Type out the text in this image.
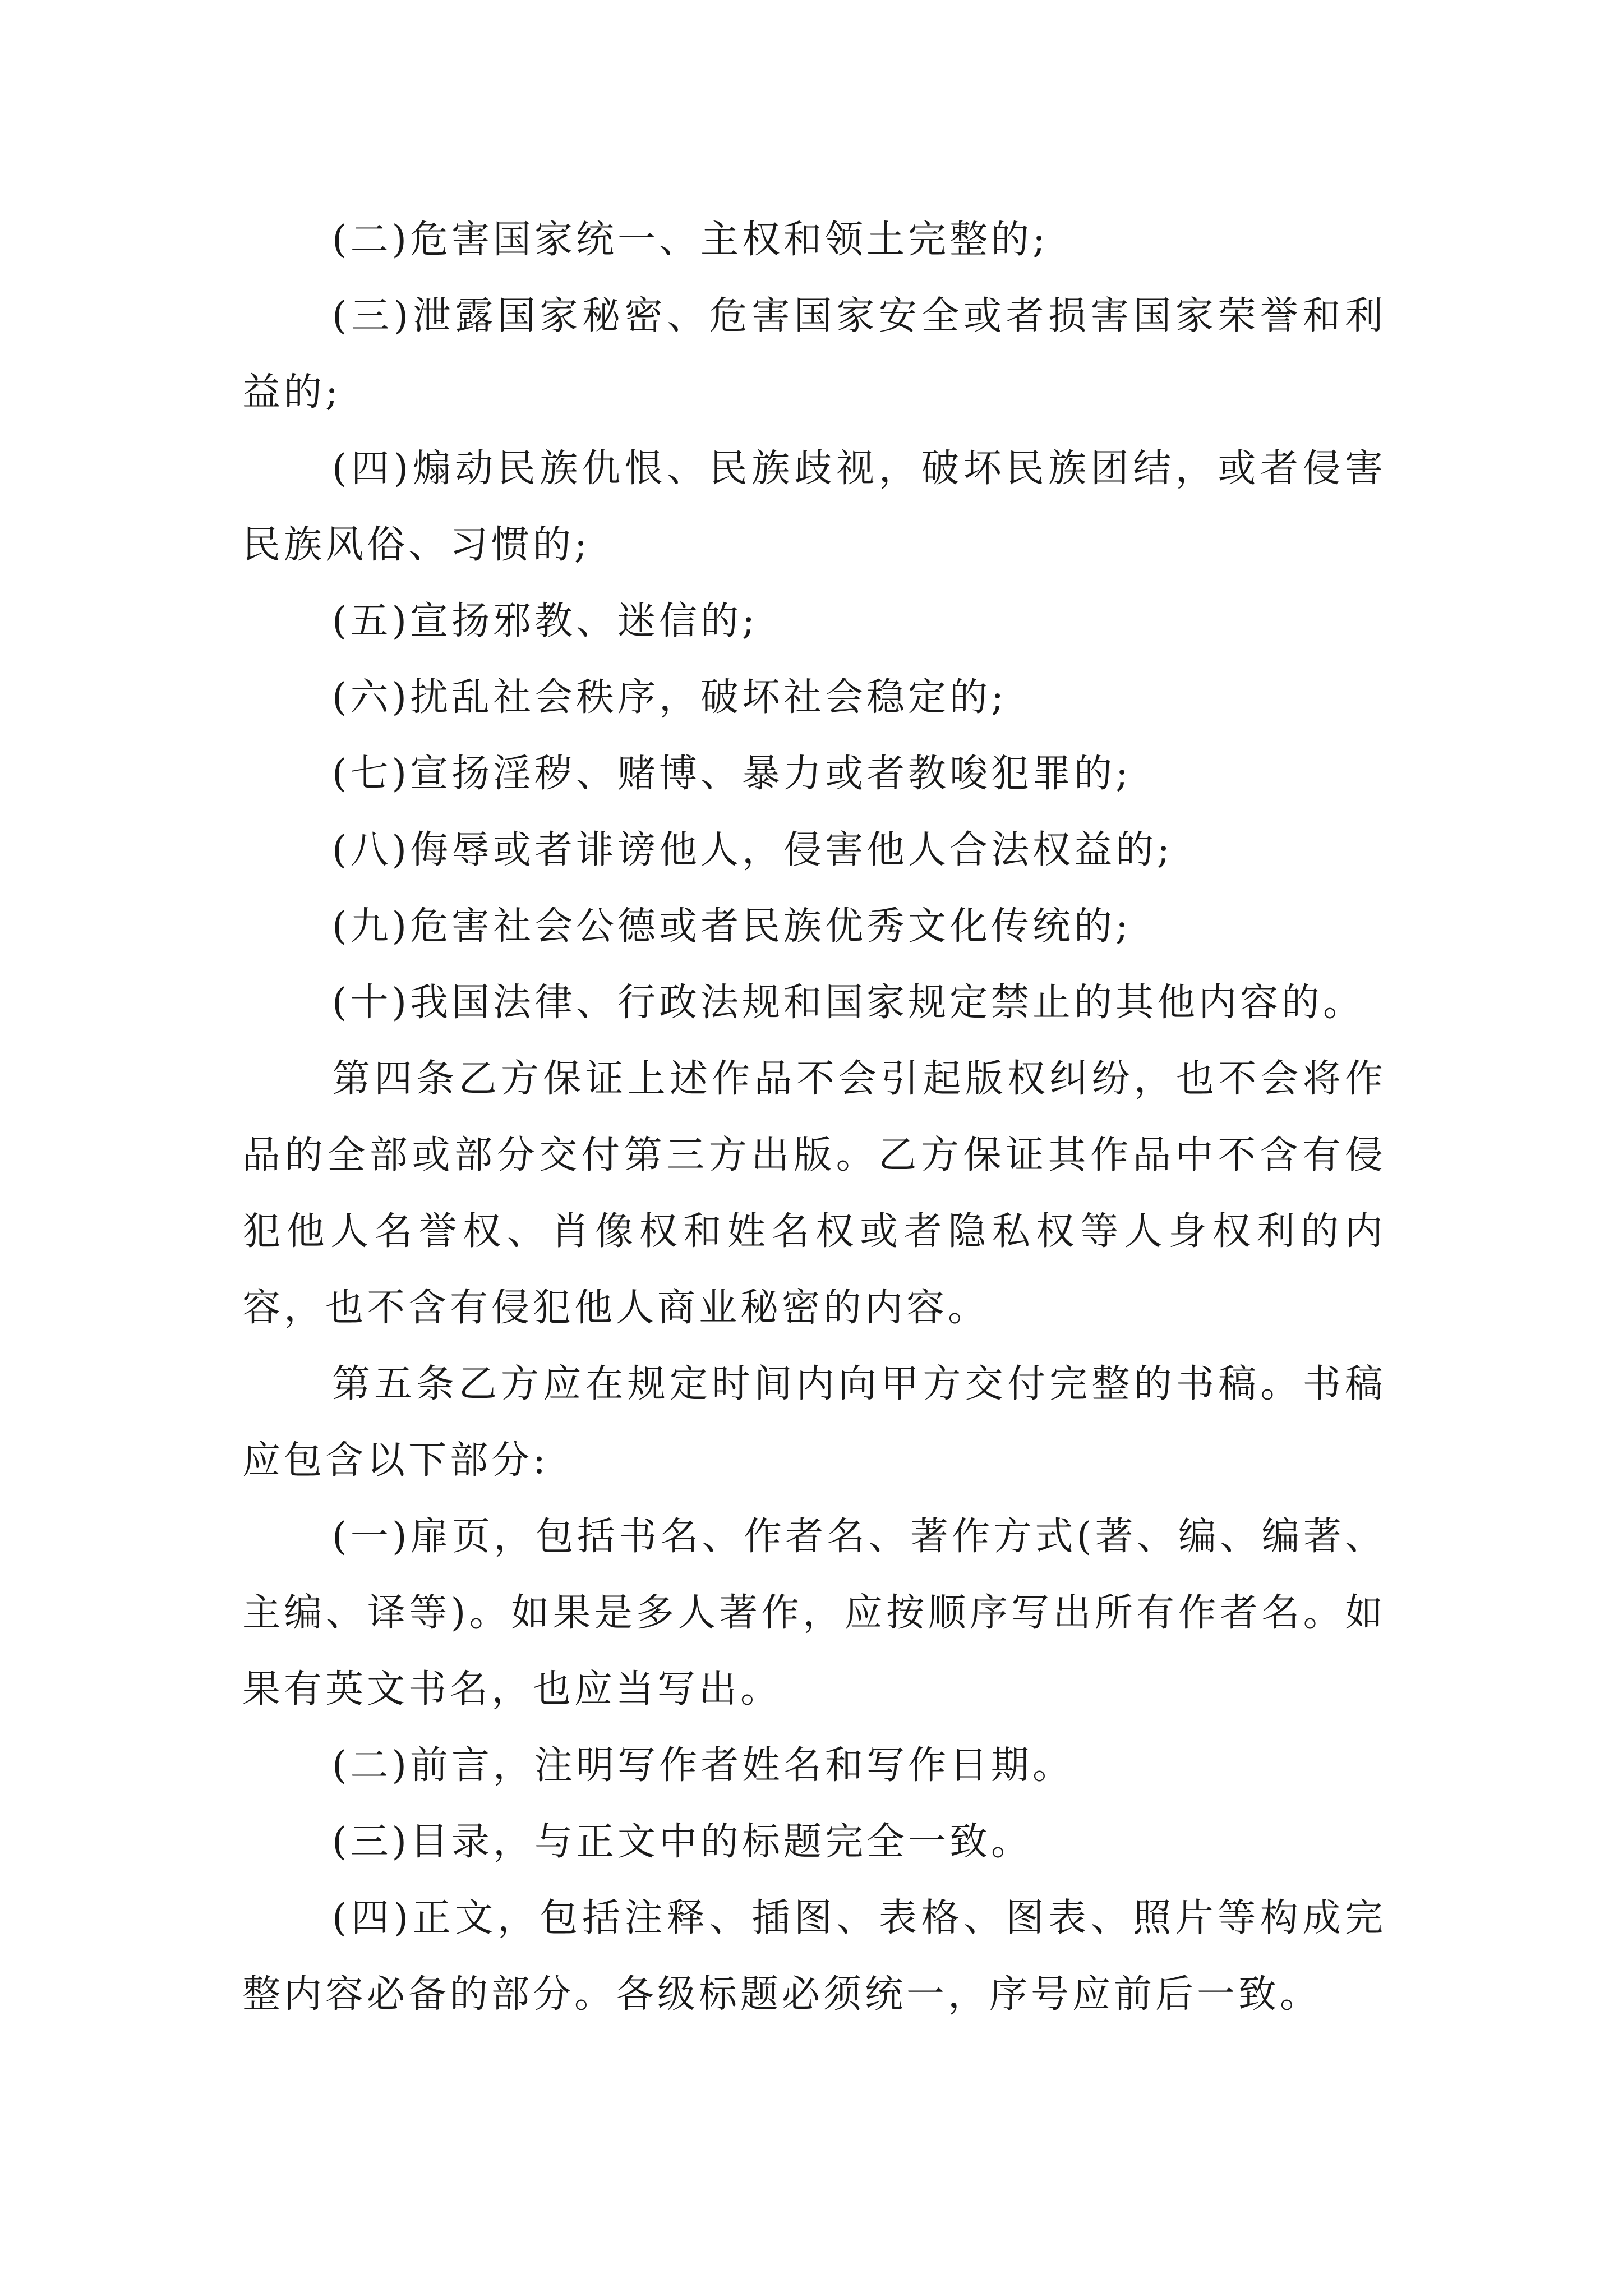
(二)危害国家统一、主权和领土完整的;

(三)泄露国家秘密、危害国家安全或者损害国家荣誉和利益的;

(四)煽动民族仇恨、民族歧视，破坏民族团结，或者侵害民族风俗、习惯的;

(五)宣扬邪教、迷信的;

(六)扰乱社会秩序，破坏社会稳定的;

(七)宣扬淫秽、赌博、暴力或者教唆犯罪的;

(八)侮辱或者诽谤他人，侵害他人合法权益的;

(九)危害社会公德或者民族优秀文化传统的;

(十)我国法律、行政法规和国家规定禁止的其他内容的。

第四条乙方保证上述作品不会引起版权纠纷，也不会将作品的全部或部分交付第三方出版。乙方保证其作品中不含有侵犯他人名誉权、肖像权和姓名权或者隐私权等人身权利的内容，也不含有侵犯他人商业秘密的内容。

第五条乙方应在规定时间内向甲方交付完整的书稿。书稿应包含以下部分:

(一)扉页，包括书名、作者名、著作方式(著、编、编著、主编、译等)。如果是多人著作，应按顺序写出所有作者名。如果有英文书名，也应当写出。

(二)前言，注明写作者姓名和写作日期。

(三)目录，与正文中的标题完全一致。

(四)正文，包括注释、插图、表格、图表、照片等构成完整内容必备的部分。各级标题必须统一，序号应前后一致。
